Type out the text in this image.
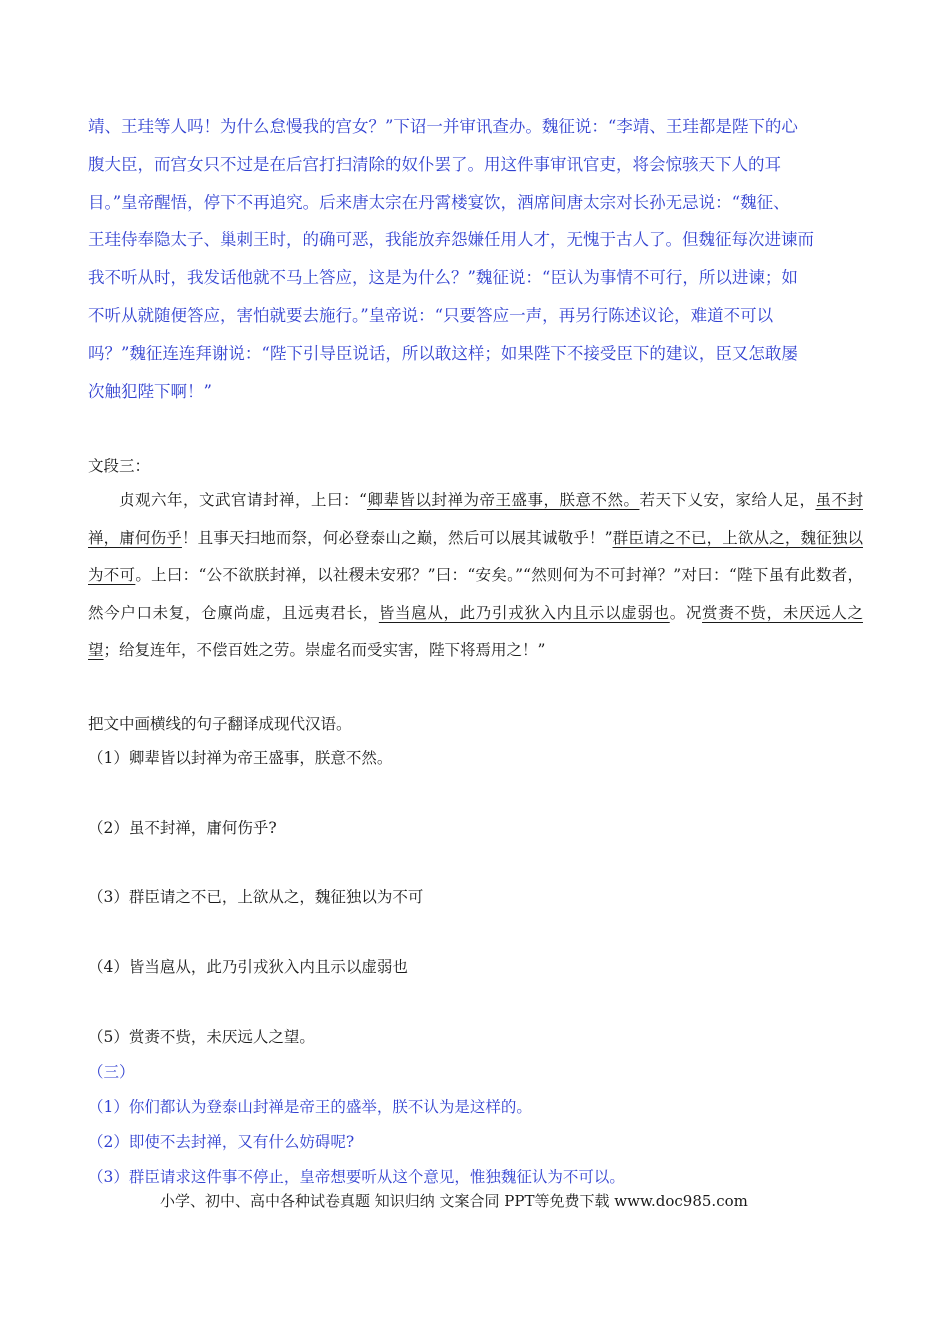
靖、王珪等人吗！为什么怠慢我的宫女？”下诏一并审讯查办。魏征说：“李靖、王珪都是陛下的心

腹大臣，而宫女只不过是在后宫打扫清除的奴仆罢了。用这件事审讯官吏，将会惊骇天下人的耳

目。”皇帝醒悟，停下不再追究。后来唐太宗在丹霄楼宴饮，酒席间唐太宗对长孙无忌说：“魏征、

王珪侍奉隐太子、巢刺王时，的确可恶，我能放弃怨嫌任用人才，无愧于古人了。但魏征每次进谏而

我不听从时，我发话他就不马上答应，这是为什么？”魏征说：“臣认为事情不可行，所以进谏；如

不听从就随便答应，害怕就要去施行。”皇帝说：“只要答应一声，再另行陈述议论，难道不可以

吗？”魏征连连拜谢说：“陛下引导臣说话，所以敢这样；如果陛下不接受臣下的建议，臣又怎敢屡

次触犯陛下啊！”

文段三：

贞观六年，文武官请封禅，上曰：“卿辈皆以封禅为帝王盛事，朕意不然。若天下乂安，家给人足，虽不封禅，庸何伤乎！且事天扫地而祭，何必登泰山之巅，然后可以展其诚敬乎！”群臣请之不已，上欲从之，魏征独以为不可。上曰：“公不欲朕封禅，以社稷未安邪？”曰：“安矣。”“然则何为不可封禅？”对曰：“陛下虽有此数者，然今户口未复，仓廪尚虚，且远夷君长，皆当扈从，此乃引戎狄入内且示以虚弱也。况赏赉不赀，未厌远人之望；给复连年，不偿百姓之劳。崇虚名而受实害，陛下将焉用之！”

把文中画横线的句子翻译成现代汉语。
（1）卿辈皆以封禅为帝王盛事，朕意不然。
（2）虽不封禅，庸何伤乎?
（3）群臣请之不已，上欲从之，魏征独以为不可
（4）皆当扈从，此乃引戎狄入内且示以虚弱也
（5）赏赉不赀，未厌远人之望。
（三）
（1）你们都认为登泰山封禅是帝王的盛举，朕不认为是这样的。
（2）即使不去封禅，又有什么妨碍呢?
（3）群臣请求这件事不停止，皇帝想要听从这个意见，惟独魏征认为不可以。
小学、初中、高中各种试卷真题 知识归纳 文案合同 PPT等免费下载 www.doc985.com
